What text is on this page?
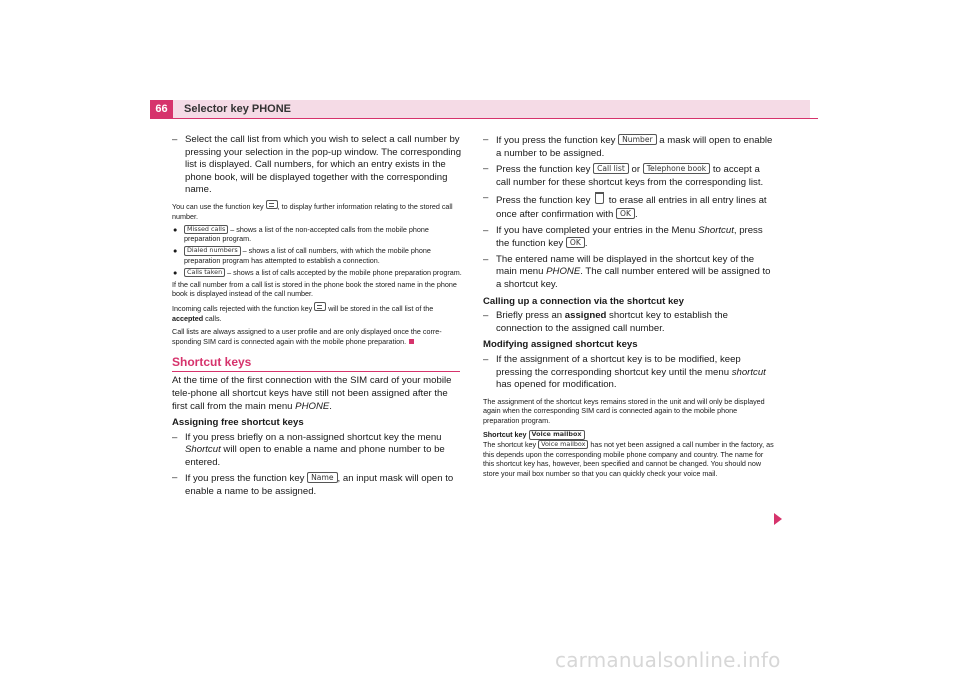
66	Selector key PHONE
– Select the call list from which you wish to select a call number by pressing your selection in the pop-up window. The corresponding list is displayed. Call numbers, for which an entry exists in the phone book, will be displayed together with the corresponding name.
You can use the function key , to display further information relating to the stored call number.
● Missed calls – shows a list of the non-accepted calls from the mobile phone preparation program.
● Dialed numbers – shows a list of call numbers, with which the mobile phone preparation program has attempted to establish a connection.
● Calls taken – shows a list of calls accepted by the mobile phone preparation program.
If the call number from a call list is stored in the phone book the stored name in the phone book is displayed instead of the call number.
Incoming calls rejected with the function key will be stored in the call list of the accepted calls.
Call lists are always assigned to a user profile and are only displayed once the corre-sponding SIM card is connected again with the mobile phone preparation.
Shortcut keys
At the time of the first connection with the SIM card of your mobile tele-phone all shortcut keys have still not been assigned after the first call from the main menu PHONE.
Assigning free shortcut keys
– If you press briefly on a non-assigned shortcut key the menu Shortcut will open to enable a name and phone number to be entered.
– If you press the function key Name , an input mask will open to enable a name to be assigned.
– If you press the function key Number a mask will open to enable a number to be assigned.
– Press the function key Call list or Telephone book to accept a call number for these shortcut keys from the corresponding list.
– Press the function key  to erase all entries in all entry lines at once after confirmation with OK .
– If you have completed your entries in the Menu Shortcut, press the function key OK .
– The entered name will be displayed in the shortcut key of the main menu PHONE. The call number entered will be assigned to a shortcut key.
Calling up a connection via the shortcut key
– Briefly press an assigned shortcut key to establish the connection to the assigned call number.
Modifying assigned shortcut keys
– If the assignment of a shortcut key is to be modified, keep pressing the corresponding shortcut key until the menu shortcut has opened for modification.
The assignment of the shortcut keys remains stored in the unit and will only be displayed again when the corresponding SIM card is connected again to the mobile phone preparation program.
Shortcut key Voice mailbox
The shortcut key Voice mailbox has not yet been assigned a call number in the factory, as this depends upon the corresponding mobile phone company and country. The name for this shortcut key has, however, been specified and cannot be changed. You should now store your mail box number so that you can quickly check your voice mail.
carmanualsonline.info
